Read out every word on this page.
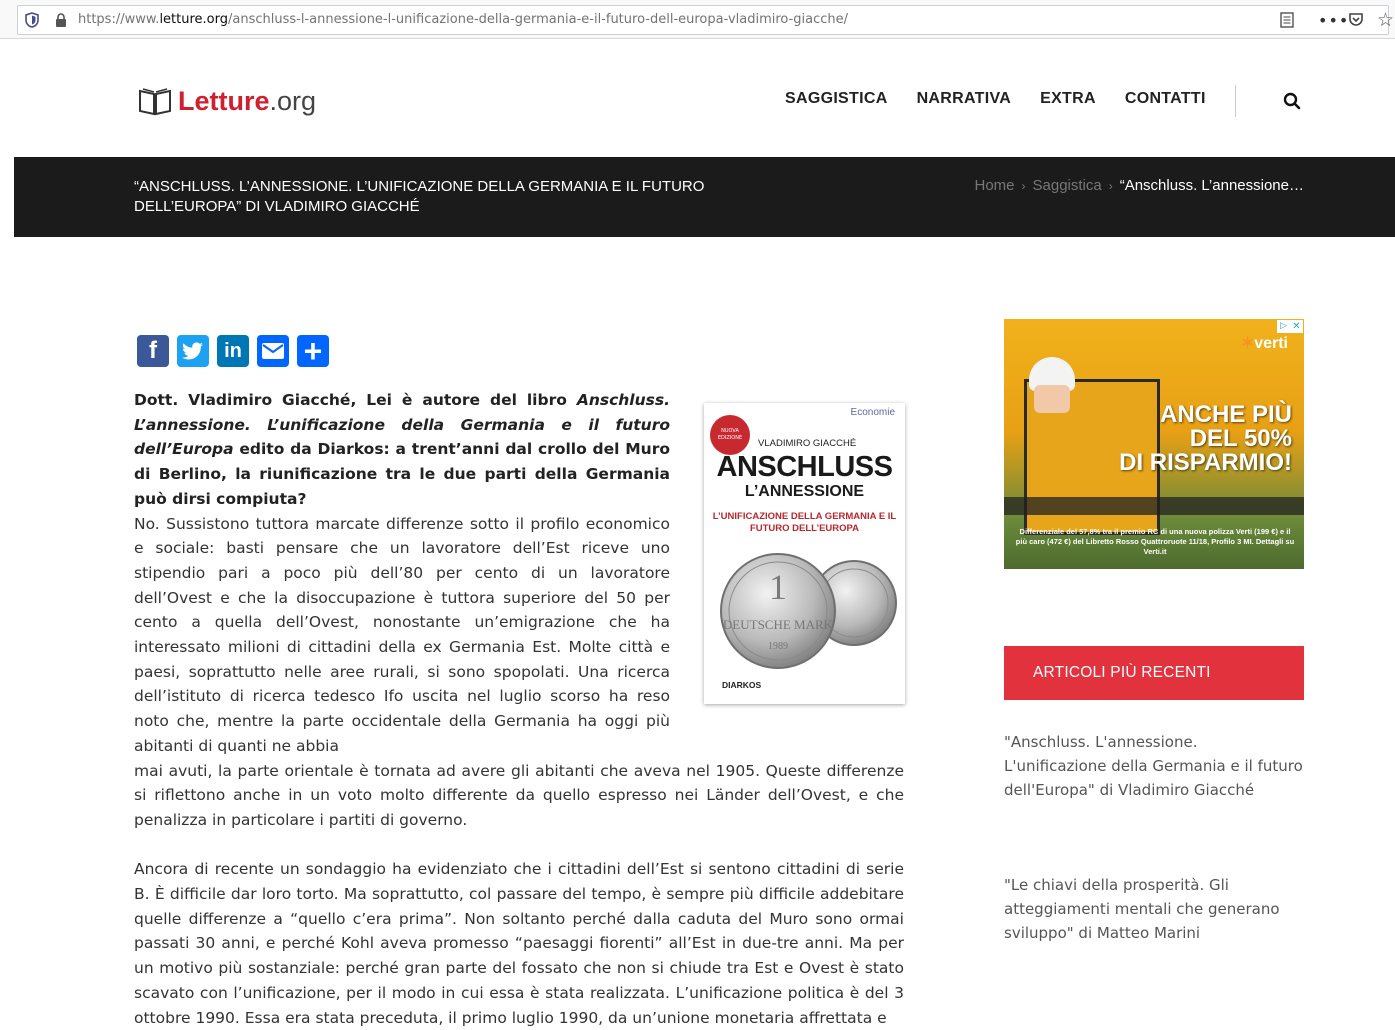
https://www.letture.org/anschluss-l-annessione-l-unificazione-della-germania-e-il-futuro-dell-europa-vladimiro-giacche/	••• ☆
Letture .org	SAGGISTICA NARRATIVA EXTRA CONTATTI
“ANSCHLUSS. L’ANNESSIONE. L’UNIFICAZIONE DELLA GERMANIA E IL FUTURO DELL’EUROPA” DI VLADIMIRO GIACCHÉ
Home › Saggistica › “Anschluss. L’annessione…
f	in +

Dott. Vladimiro Giacché, Lei è autore del libro Anschluss. L’annessione. L’unificazione della Germania e il futuro dell’Europa edito da Diarkos: a trent’anni dal crollo del Muro di Berlino, la riunificazione tra le due parti della Germania può dirsi compiuta?

No. Sussistono tuttora marcate differenze sotto il profilo economico e sociale: basti pensare che un lavoratore dell’Est riceve uno stipendio pari a poco più dell’80 per cento di un lavoratore dell’Ovest e che la disoccupazione è tuttora superiore del 50 per cento a quella dell’Ovest, nonostante un’emigrazione che ha interessato milioni di cittadini della ex Germania Est. Molte città e paesi, soprattutto nelle aree rurali, si sono spopolati. Una ricerca dell’istituto di ricerca tedesco Ifo uscita nel luglio scorso ha reso noto che, mentre la parte occidentale della Germania ha oggi più abitanti di quanti ne abbia
mai avuti, la parte orientale è tornata ad avere gli abitanti che aveva nel 1905. Queste differenze si riflettono anche in un voto molto differente da quello espresso nei Länder dell’Ovest, e che penalizza in particolare i partiti di governo.

Ancora di recente un sondaggio ha evidenziato che i cittadini dell’Est si sentono cittadini di serie B. È difficile dar loro torto. Ma soprattutto, col passare del tempo, è sempre più difficile addebitare quelle differenze a “quello c’era prima”. Non soltanto perché dalla caduta del Muro sono ormai passati 30 anni, e perché Kohl aveva promesso “paesaggi fiorenti” all’Est in due-tre anni. Ma per un motivo più sostanziale: perché gran parte del fossato che non si chiude tra Est e Ovest è stato scavato con l’unificazione, per il modo in cui essa è stata realizzata. L’unificazione politica è del 3 ottobre 1990. Essa era stata preceduta, il primo luglio 1990, da un’unione monetaria affrettata e

Economie
NUOVA EDIZIONE	VLADIMIRO GIACCHÉ
ANSCHLUSS
L’ANNESSIONE
L’UNIFICAZIONE DELLA GERMANIA E IL FUTURO DELL’EUROPA
1
DEUTSCHE MARK
1989
DIARKOS
▷ ✕
✶verti
ANCHE PIÙ
DEL 50%
DI RISPARMIO!
Differenziale del 57,8% tra il premio RC di una nuova polizza Verti (199 €) e il più caro (472 €) del Libretto Rosso Quattroruote 11/18, Profilo 3 MI. Dettagli su Verti.it
ARTICOLI PIÙ RECENTI
"Anschluss. L'annessione. L'unificazione della Germania e il futuro dell'Europa" di Vladimiro Giacché
"Le chiavi della prosperità. Gli atteggiamenti mentali che generano sviluppo" di Matteo Marini
